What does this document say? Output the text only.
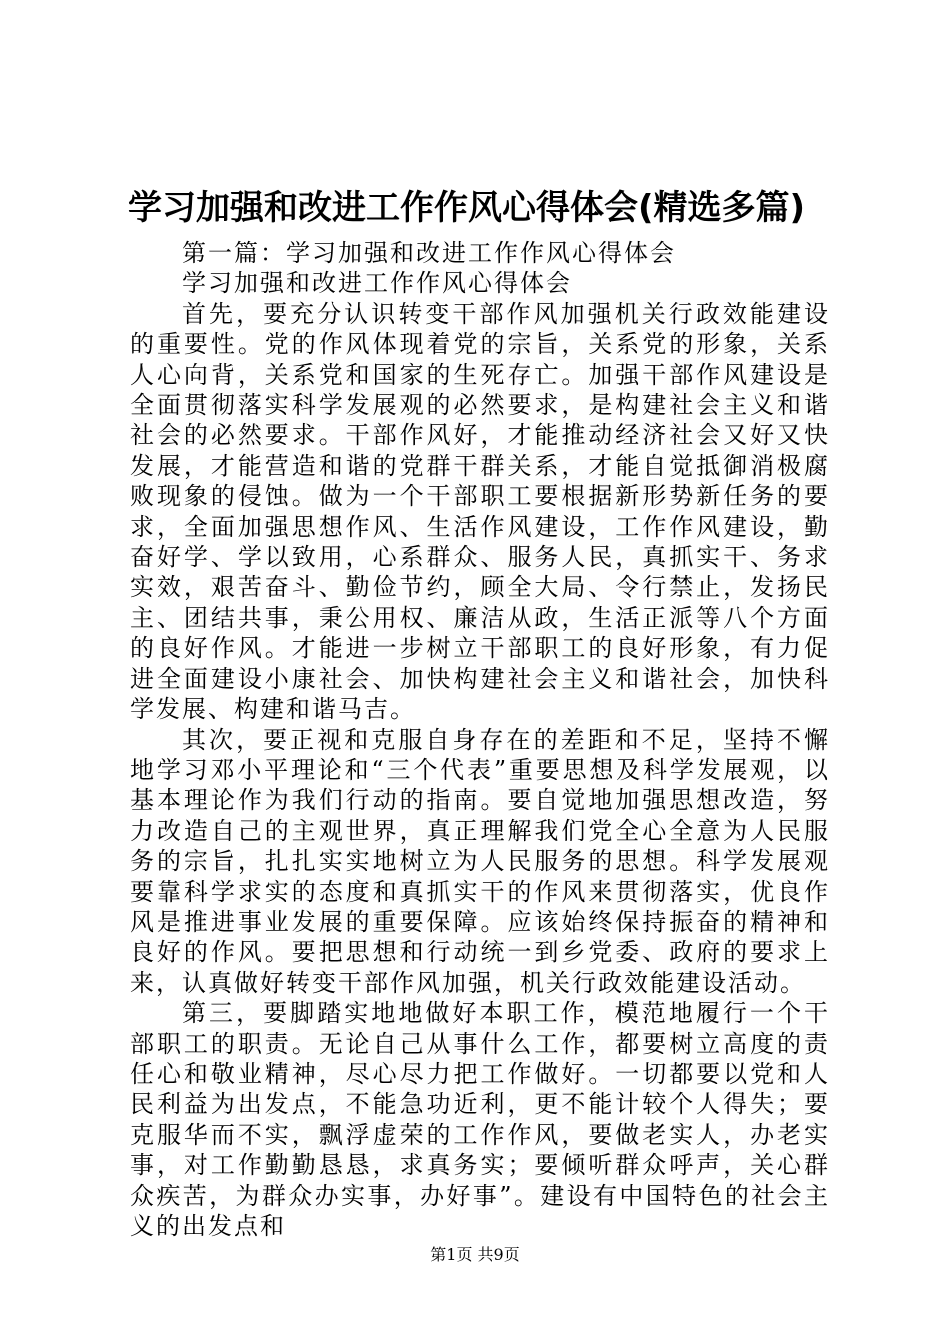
学习加强和改进工作作风心得体会(精选多篇)

第一篇：学习加强和改进工作作风心得体会

学习加强和改进工作作风心得体会

首先，要充分认识转变干部作风加强机关行政效能建设的重要性。党的作风体现着党的宗旨，关系党的形象，关系人心向背，关系党和国家的生死存亡。加强干部作风建设是全面贯彻落实科学发展观的必然要求，是构建社会主义和谐社会的必然要求。干部作风好，才能推动经济社会又好又快发展，才能营造和谐的党群干群关系，才能自觉抵御消极腐败现象的侵蚀。做为一个干部职工要根据新形势新任务的要求，全面加强思想作风、生活作风建设，工作作风建设，勤奋好学、学以致用，心系群众、服务人民，真抓实干、务求实效，艰苦奋斗、勤俭节约，顾全大局、令行禁止，发扬民主、团结共事，秉公用权、廉洁从政，生活正派等八个方面的良好作风。才能进一步树立干部职工的良好形象，有力促进全面建设小康社会、加快构建社会主义和谐社会，加快科学发展、构建和谐马吉。

其次，要正视和克服自身存在的差距和不足，坚持不懈地学习邓小平理论和“三个代表”重要思想及科学发展观，以基本理论作为我们行动的指南。要自觉地加强思想改造，努力改造自己的主观世界，真正理解我们党全心全意为人民服务的宗旨，扎扎实实地树立为人民服务的思想。科学发展观要靠科学求实的态度和真抓实干的作风来贯彻落实，优良作风是推进事业发展的重要保障。应该始终保持振奋的精神和良好的作风。要把思想和行动统一到乡党委、政府的要求上来，认真做好转变干部作风加强，机关行政效能建设活动。

第三，要脚踏实地地做好本职工作，模范地履行一个干部职工的职责。无论自己从事什么工作，都要树立高度的责任心和敬业精神，尽心尽力把工作做好。一切都要以党和人民利益为出发点，不能急功近利，更不能计较个人得失；要克服华而不实，飘浮虚荣的工作作风，要做老实人，办老实事，对工作勤勤恳恳，求真务实；要倾听群众呼声，关心群众疾苦，为群众办实事，办好事”。建设有中国特色的社会主义的出发点和

第1页 共9页
